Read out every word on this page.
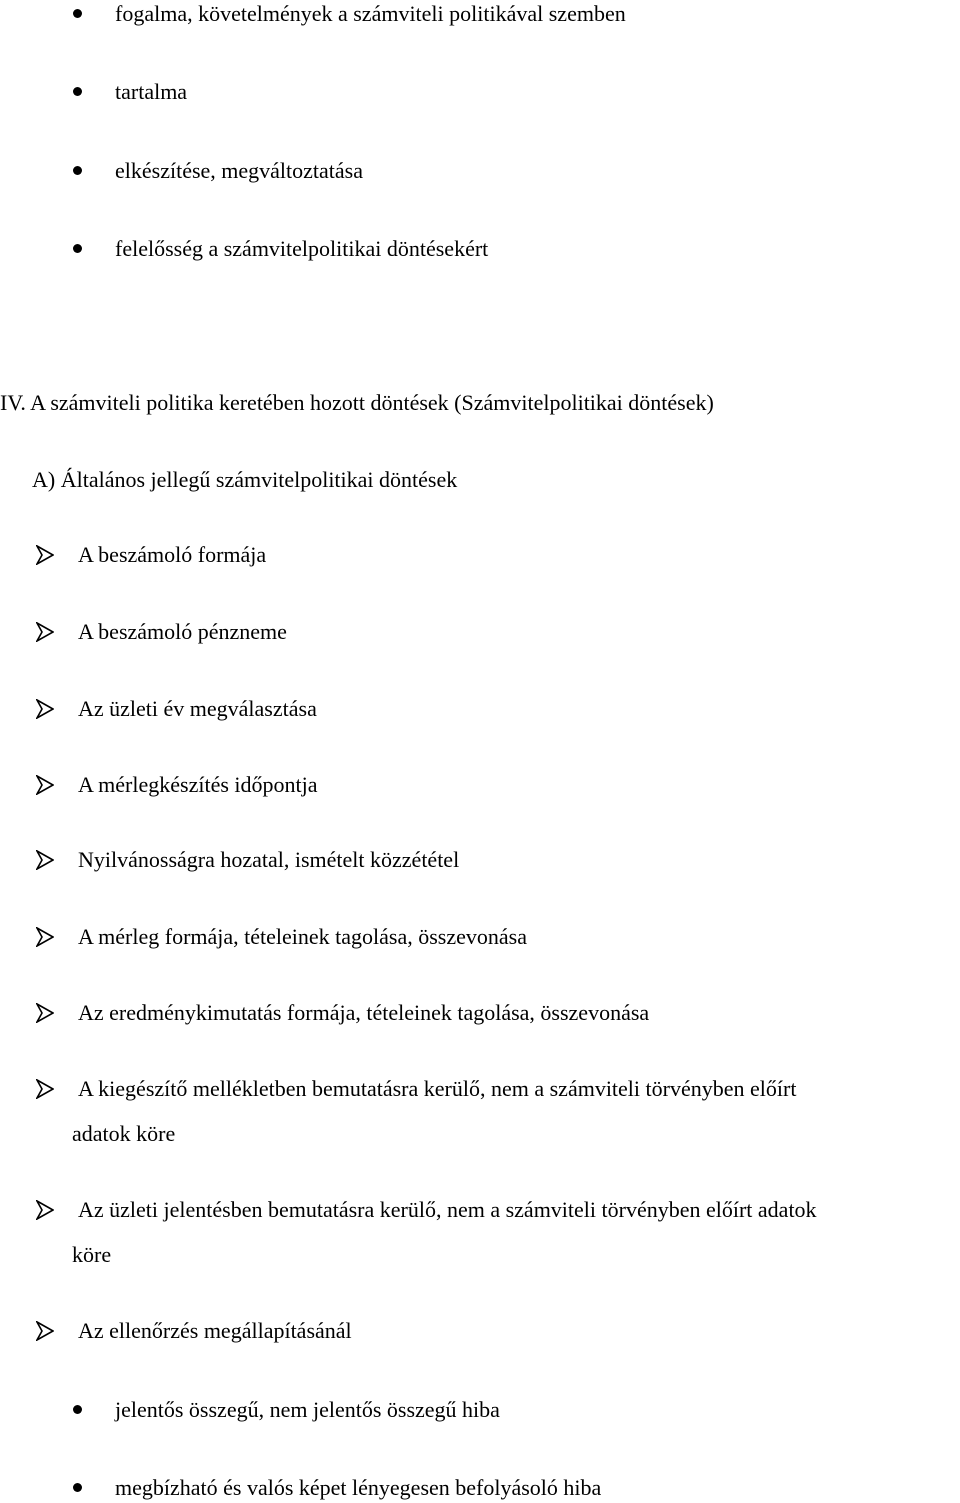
fogalma, követelmények a számviteli politikával szemben
tartalma
elkészítése, megváltoztatása
felelősség a számvitelpolitikai döntésekért
IV. A számviteli politika keretében hozott döntések (Számvitelpolitikai döntések)
A) Általános jellegű számvitelpolitikai döntések
A beszámoló formája
A beszámoló pénzneme
Az üzleti év megválasztása
A mérlegkészítés időpontja
Nyilvánosságra hozatal, ismételt közzététel
A mérleg formája, tételeinek tagolása, összevonása
Az eredménykimutatás formája, tételeinek tagolása, összevonása
A kiegészítő mellékletben bemutatásra kerülő, nem a számviteli törvényben előírt
adatok köre
Az üzleti jelentésben bemutatásra kerülő, nem a számviteli törvényben előírt adatok
köre
Az ellenőrzés megállapításánál
jelentős összegű, nem jelentős összegű hiba
megbízható és valós képet lényegesen befolyásoló hiba
